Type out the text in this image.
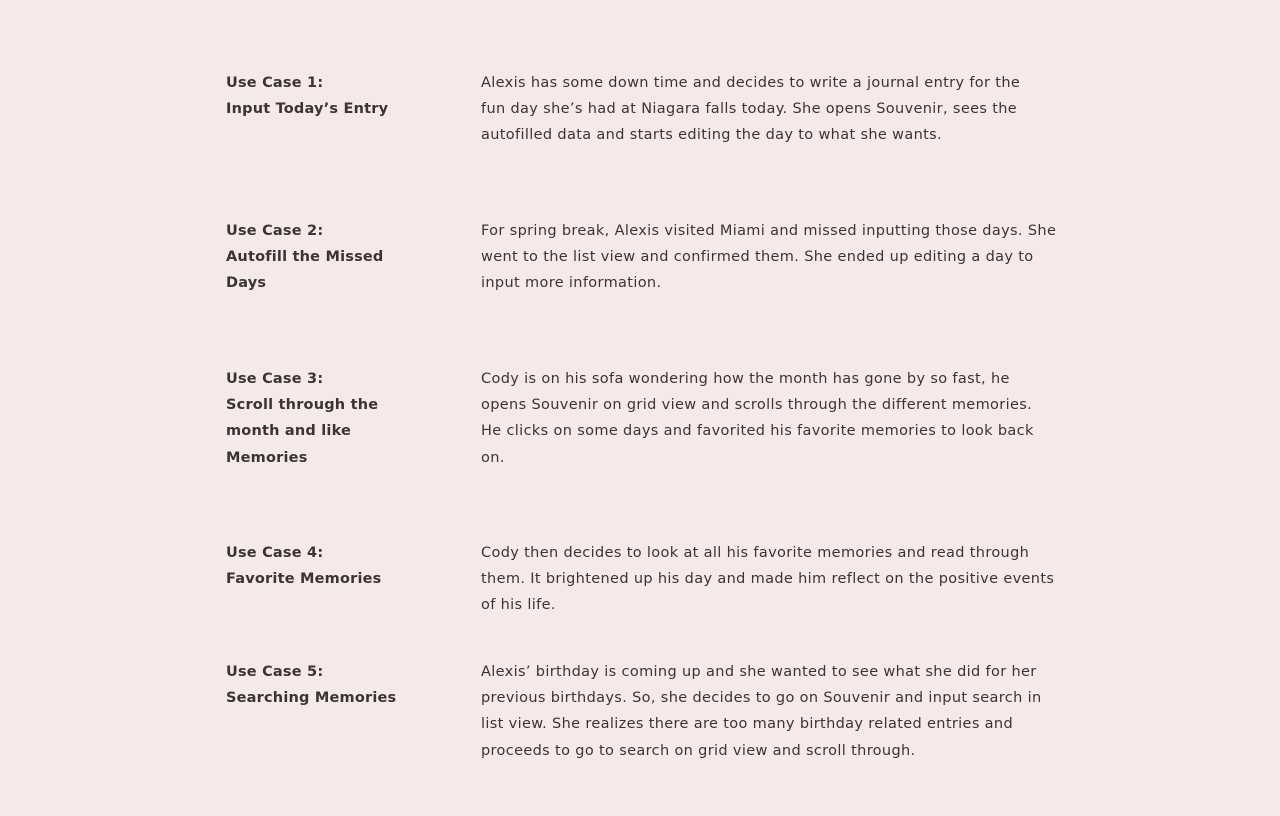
Use Case 1:
Input Today’s Entry
Alexis has some down time and decides to write a journal entry for the
fun day she’s had at Niagara falls today. She opens Souvenir, sees the
autofilled data and starts editing the day to what she wants.
Use Case 2:
Autofill the Missed
Days
For spring break, Alexis visited Miami and missed inputting those days. She
went to the list view and confirmed them. She ended up editing a day to
input more information.
Use Case 3:
Scroll through the
month and like
Memories
Cody is on his sofa wondering how the month has gone by so fast, he
opens Souvenir on grid view and scrolls through the different memories.
He clicks on some days and favorited his favorite memories to look back
on.
Use Case 4:
Favorite Memories
Cody then decides to look at all his favorite memories and read through
them. It brightened up his day and made him reflect on the positive events
of his life.
Use Case 5:
Searching Memories
Alexis’ birthday is coming up and she wanted to see what she did for her
previous birthdays. So, she decides to go on Souvenir and input search in
list view. She realizes there are too many birthday related entries and
proceeds to go to search on grid view and scroll through.
